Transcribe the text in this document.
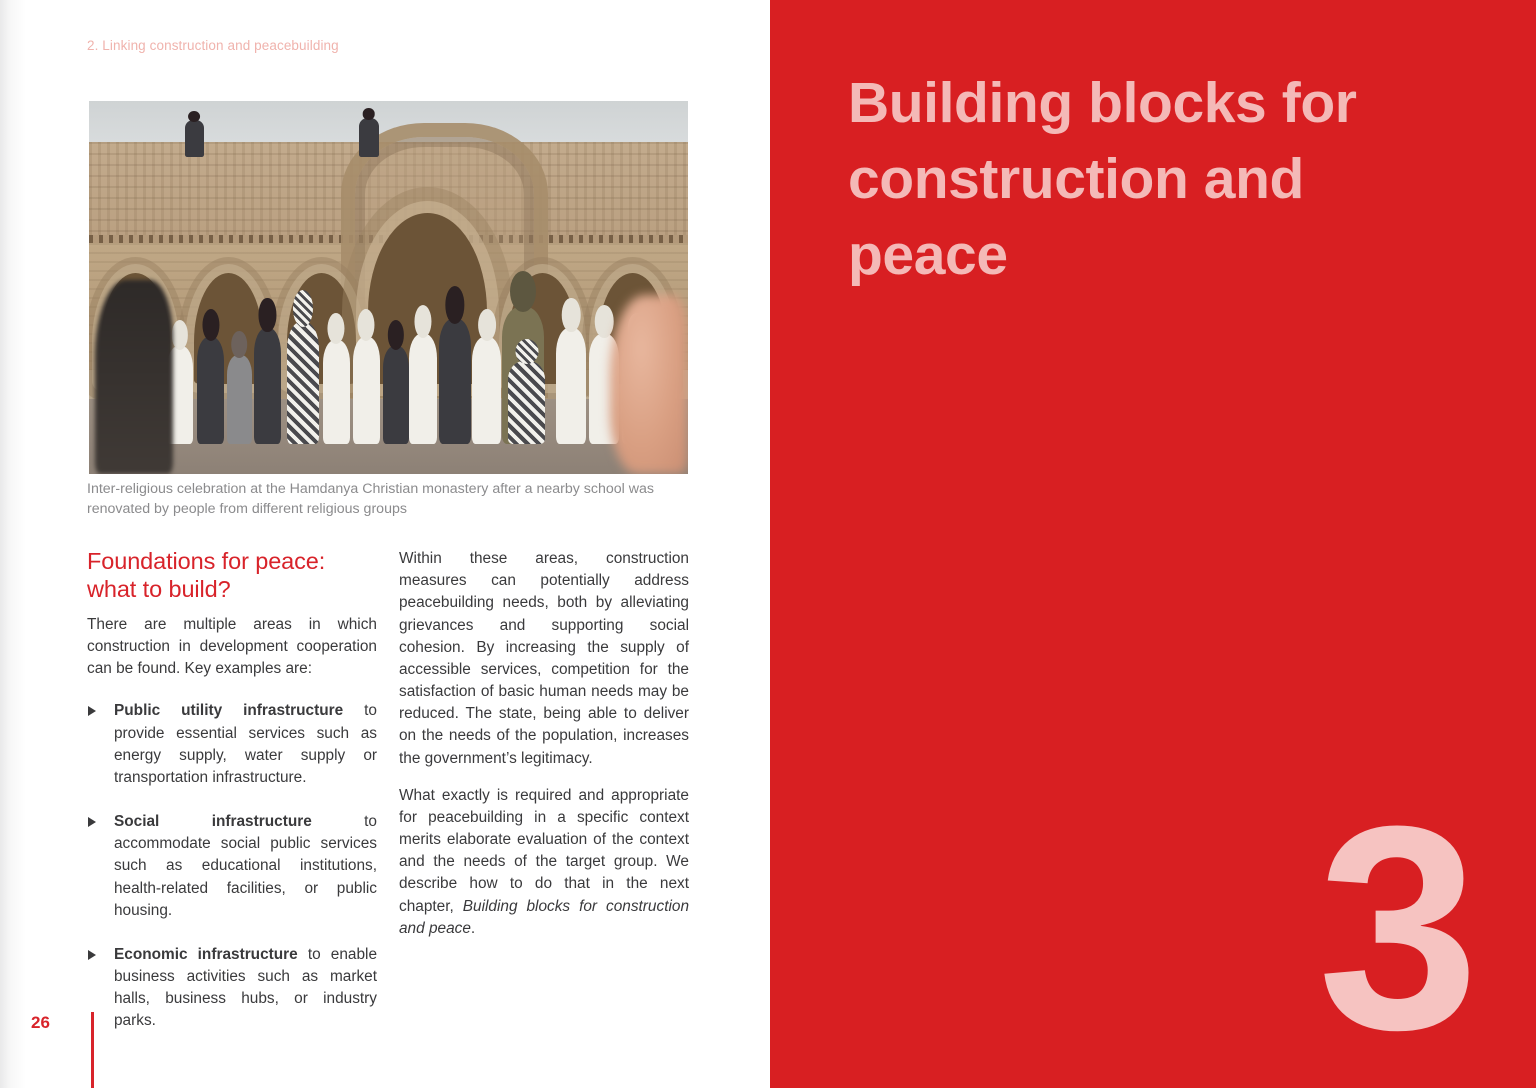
2. Linking construction and peacebuilding
Inter-religious celebration at the Hamdanya Christian monastery after a nearby school was renovated by people from different religious groups
Foundations for peace:
what to build?

There are multiple areas in which construction in development cooperation can be found. Key examples are:

Public utility infrastructure to provide essential services such as energy supply, water supply or transportation infrastructure.
Social infrastructure to accommodate social public services such as educational institutions, health-related facilities, or public housing.
Economic infrastructure to enable business activities such as market halls, business hubs, or industry parks.

Within these areas, construction measures can potentially address peacebuilding needs, both by alleviating grievances and supporting social cohesion. By increasing the supply of accessible services, competition for the satisfaction of basic human needs may be reduced. The state, being able to deliver on the needs of the population, increases the government’s legitimacy.

What exactly is required and appropriate for peacebuilding in a specific context merits elaborate evaluation of the context and the needs of the target group. We describe how to do that in the next chapter, Building blocks for construction and peace.

26
Building blocks for construction and peace
3
